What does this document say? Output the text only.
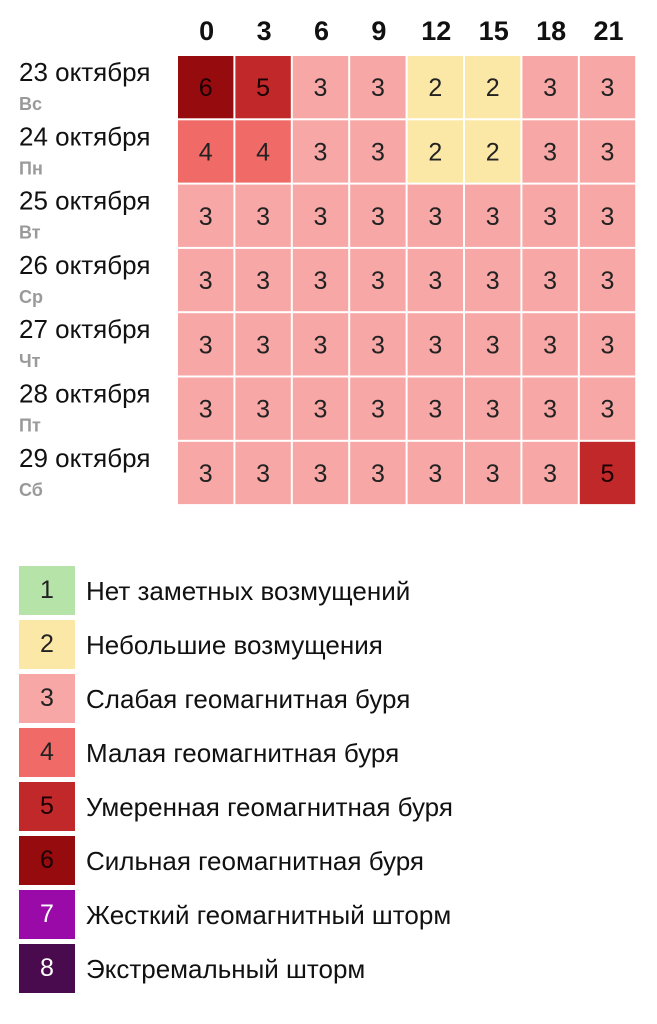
0 3 6 9 12 15 18 21
23 октября
Вс
6 5 3 3 2 2 3 3
24 октября
Пн
4 4 3 3 2 2 3 3
25 октября
Вт
3 3 3 3 3 3 3 3
26 октября
Ср
3 3 3 3 3 3 3 3
27 октября
Чт
3 3 3 3 3 3 3 3
28 октября
Пт
3 3 3 3 3 3 3 3
29 октября
Сб
3 3 3 3 3 3 3 5
1	Нет заметных возмущений
2	Небольшие возмущения
3	Слабая геомагнитная буря
4	Малая геомагнитная буря
5	Умеренная геомагнитная буря
6	Сильная геомагнитная буря
7	Жесткий геомагнитный шторм
8	Экстремальный шторм
